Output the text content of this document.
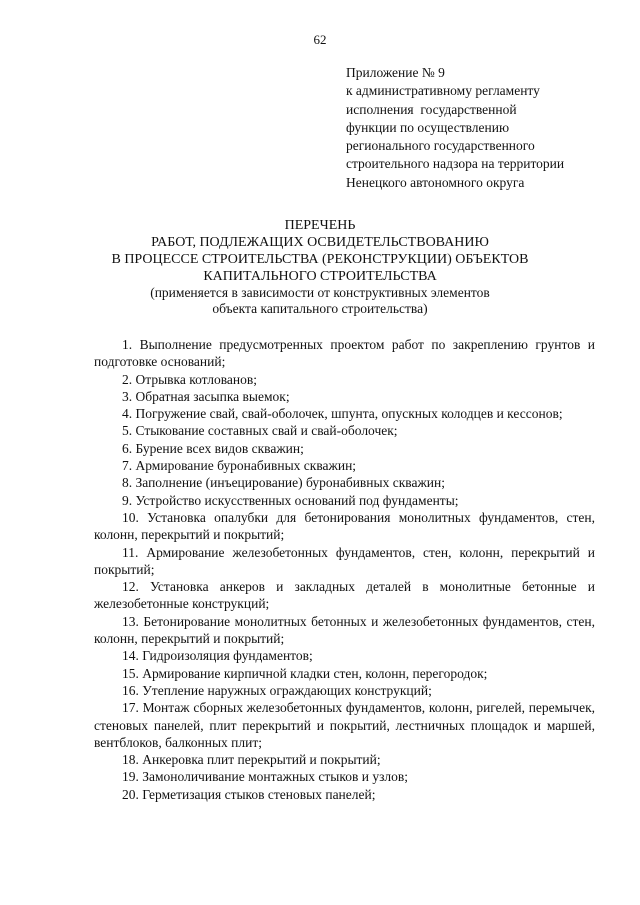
62
Приложение № 9
к административному регламенту
исполнения  государственной
функции по осуществлению
регионального государственного
строительного надзора на территории
Ненецкого автономного округа
ПЕРЕЧЕНЬ
РАБОТ, ПОДЛЕЖАЩИХ ОСВИДЕТЕЛЬСТВОВАНИЮ
В ПРОЦЕССЕ СТРОИТЕЛЬСТВА (РЕКОНСТРУКЦИИ) ОБЪЕКТОВ
КАПИТАЛЬНОГО СТРОИТЕЛЬСТВА
(применяется в зависимости от конструктивных элементов
объекта капитального строительства)

1. Выполнение предусмотренных проектом работ по закреплению грунтов и подготовке оснований;

2. Отрывка котлованов;

3. Обратная засыпка выемок;

4. Погружение свай, свай-оболочек, шпунта, опускных колодцев и кессонов;

5. Стыкование составных свай и свай-оболочек;

6. Бурение всех видов скважин;

7. Армирование буронабивных скважин;

8. Заполнение (инъецирование) буронабивных скважин;

9. Устройство искусственных оснований под фундаменты;

10. Установка опалубки для бетонирования монолитных фундаментов, стен, колонн, перекрытий и покрытий;

11. Армирование железобетонных фундаментов, стен, колонн, перекрытий и покрытий;

12. Установка анкеров и закладных деталей в монолитные бетонные и железобетонные конструкций;

13. Бетонирование монолитных бетонных и железобетонных фундаментов, стен, колонн, перекрытий и покрытий;

14. Гидроизоляция фундаментов;

15. Армирование кирпичной кладки стен, колонн, перегородок;

16. Утепление наружных ограждающих конструкций;

17. Монтаж сборных железобетонных фундаментов, колонн, ригелей, перемычек, стеновых панелей, плит перекрытий и покрытий, лестничных площадок и маршей, вентблоков, балконных плит;

18. Анкеровка плит перекрытий и покрытий;

19. Замоноличивание монтажных стыков и узлов;

20. Герметизация стыков стеновых панелей;
